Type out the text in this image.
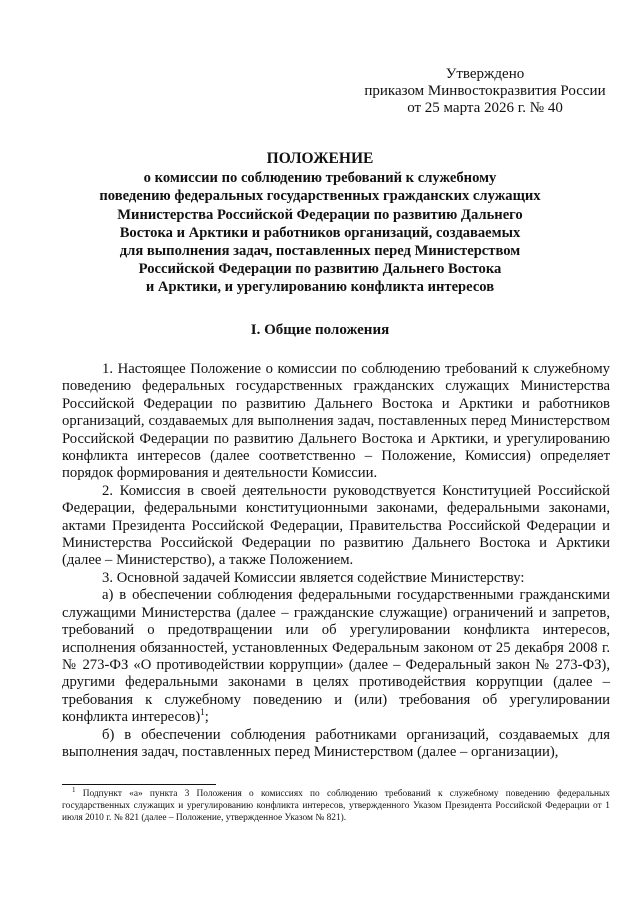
Утверждено
приказом Минвостокразвития России
от 25 марта 2026 г. № 40
ПОЛОЖЕНИЕ
о комиссии по соблюдению требований к служебному
поведению федеральных государственных гражданских служащих
Министерства Российской Федерации по развитию Дальнего
Востока и Арктики и работников организаций, создаваемых
для выполнения задач, поставленных перед Министерством
Российской Федерации по развитию Дальнего Востока
и Арктики, и урегулированию конфликта интересов
I. Общие положения

1. Настоящее Положение о комиссии по соблюдению требований к служебному поведению федеральных государственных гражданских служащих Министерства Российской Федерации по развитию Дальнего Востока и Арктики и работников организаций, создаваемых для выполнения задач, поставленных перед Министерством Российской Федерации по развитию Дальнего Востока и Арктики, и урегулированию конфликта интересов (далее соответственно – Положение, Комиссия) определяет порядок формирования и деятельности Комиссии.

2. Комиссия в своей деятельности руководствуется Конституцией Российской Федерации, федеральными конституционными законами, федеральными законами, актами Президента Российской Федерации, Правительства Российской Федерации и Министерства Российской Федерации по развитию Дальнего Востока и Арктики (далее – Министерство), а также Положением.

3. Основной задачей Комиссии является содействие Министерству:

а) в обеспечении соблюдения федеральными государственными гражданскими служащими Министерства (далее – гражданские служащие) ограничений и запретов, требований о предотвращении или об урегулировании конфликта интересов, исполнения обязанностей, установленных Федеральным законом от 25 декабря 2008 г. № 273-ФЗ «О противодействии коррупции» (далее – Федеральный закон № 273-ФЗ), другими федеральными законами в целях противодействия коррупции (далее – требования к служебному поведению и (или) требования об урегулировании конфликта интересов)$^1$;

б) в обеспечении соблюдения работниками организаций, создаваемых для выполнения задач, поставленных перед Министерством (далее – организации),

$^1$ Подпункт «а» пункта 3 Положения о комиссиях по соблюдению требований к служебному поведению федеральных государственных служащих и урегулированию конфликта интересов, утвержденного Указом Президента Российской Федерации от 1 июля 2010 г. № 821 (далее – Положение, утвержденное Указом № 821).
